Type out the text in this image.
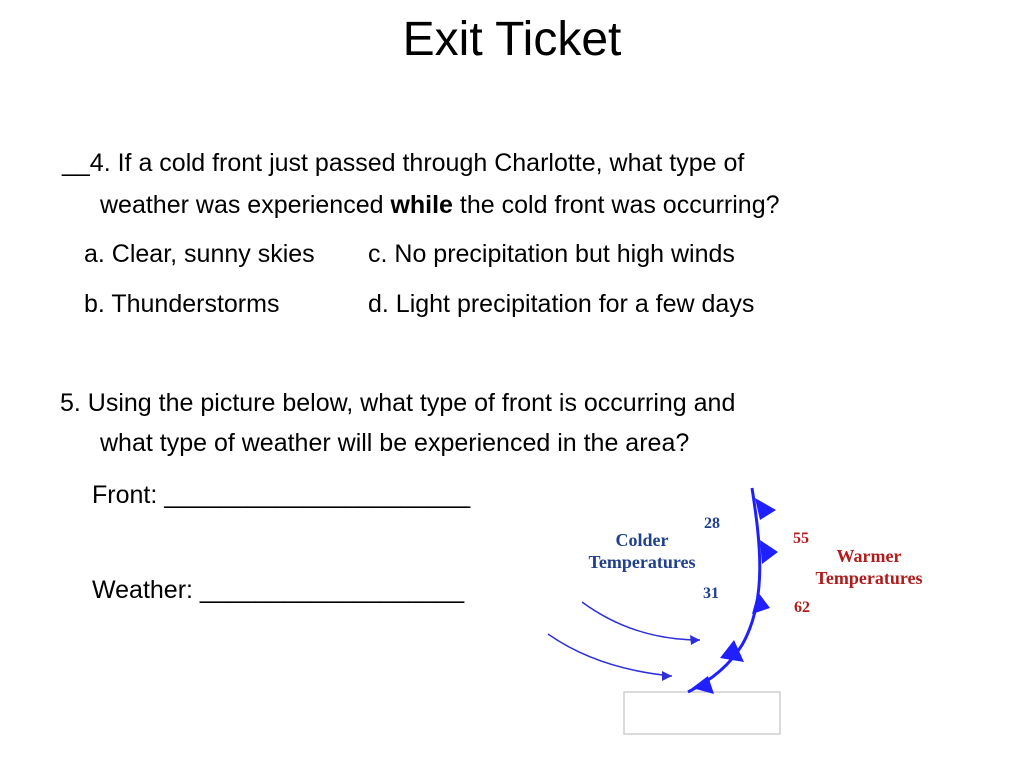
Exit Ticket
__4. If a cold front just passed through Charlotte, what type of
weather was experienced while the cold front was occurring?
a. Clear, sunny skies c. No precipitation but high winds
b. Thunderstorms	d. Light precipitation for a few days
5. Using the picture below, what type of front is occurring and
what type of weather will be experienced in the area?
Front: ______________________
Weather: ___________________
Colder
Temperatures
28
31
55
62
Warmer
Temperatures
